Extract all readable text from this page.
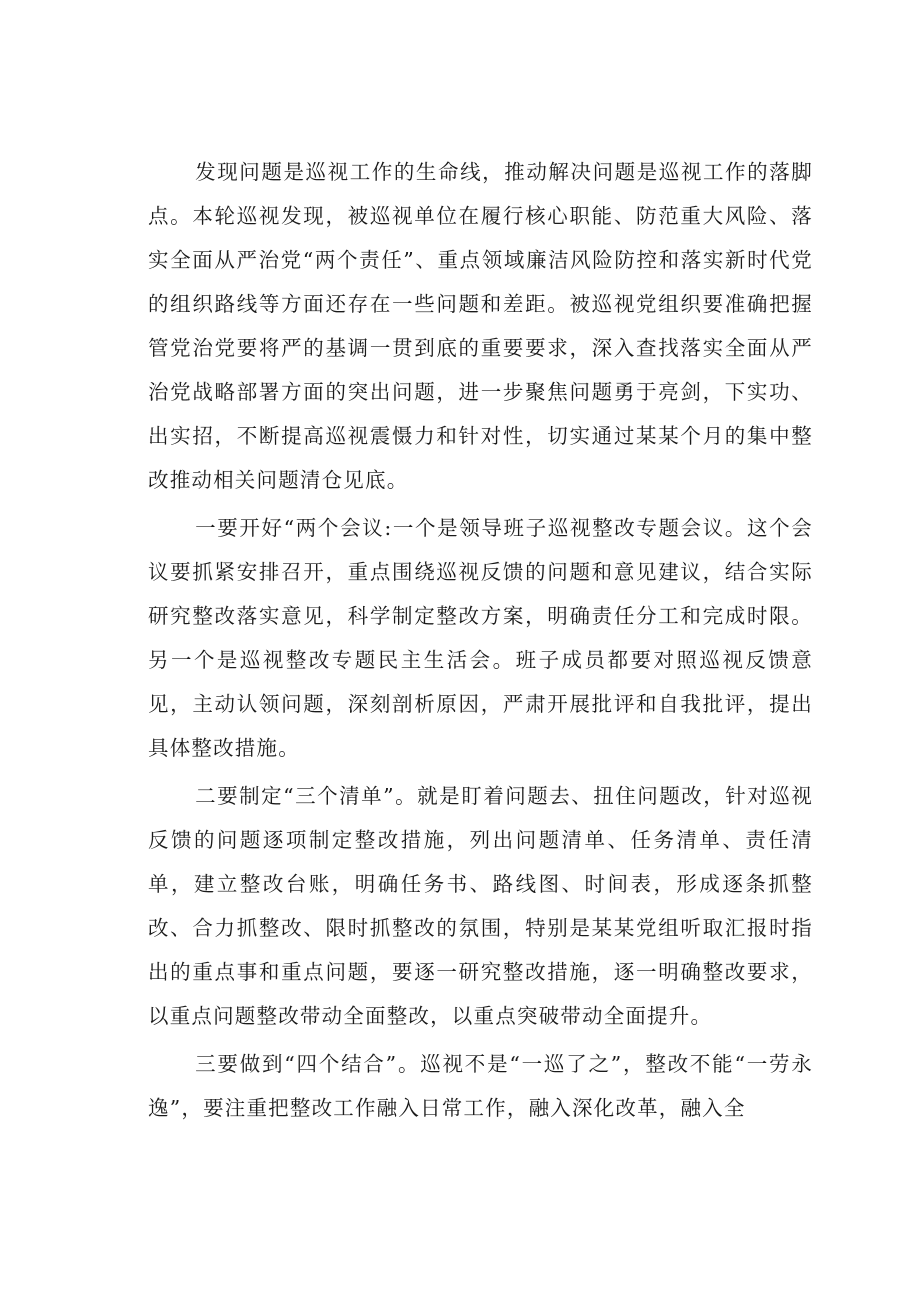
发现问题是巡视工作的生命线，推动解决问题是巡视工作的落脚点。本轮巡视发现，被巡视单位在履行核心职能、防范重大风险、落实全面从严治党“两个责任”、重点领域廉洁风险防控和落实新时代党的组织路线等方面还存在一些问题和差距。被巡视党组织要准确把握管党治党要将严的基调一贯到底的重要要求，深入查找落实全面从严治党战略部署方面的突出问题，进一步聚焦问题勇于亮剑，下实功、出实招，不断提高巡视震慑力和针对性，切实通过某某个月的集中整改推动相关问题清仓见底。

一要开好“两个会议:一个是领导班子巡视整改专题会议。这个会议要抓紧安排召开，重点围绕巡视反馈的问题和意见建议，结合实际研究整改落实意见，科学制定整改方案，明确责任分工和完成时限。另一个是巡视整改专题民主生活会。班子成员都要对照巡视反馈意见，主动认领问题，深刻剖析原因，严肃开展批评和自我批评，提出具体整改措施。

二要制定“三个清单”。就是盯着问题去、扭住问题改，针对巡视反馈的问题逐项制定整改措施，列出问题清单、任务清单、责任清单，建立整改台账，明确任务书、路线图、时间表，形成逐条抓整改、合力抓整改、限时抓整改的氛围，特别是某某党组听取汇报时指出的重点事和重点问题，要逐一研究整改措施，逐一明确整改要求，以重点问题整改带动全面整改，以重点突破带动全面提升。

三要做到“四个结合”。巡视不是“一巡了之”，整改不能“一劳永逸”，要注重把整改工作融入日常工作，融入深化改革，融入全
